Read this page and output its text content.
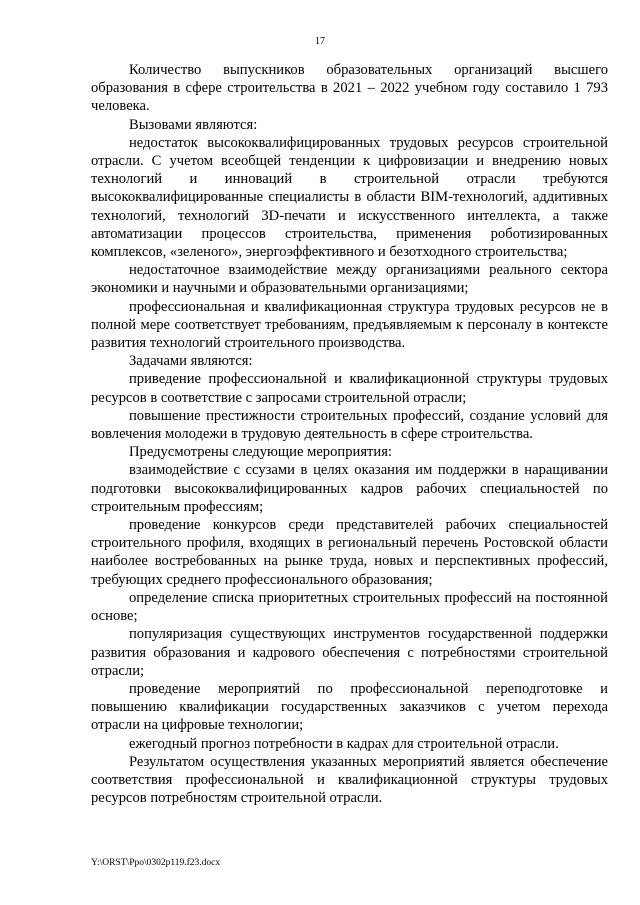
17

Количество выпускников образовательных организаций высшего образования в сфере строительства в 2021 – 2022 учебном году составило 1 793 человека.

Вызовами являются:

недостаток высококвалифицированных трудовых ресурсов строительной отрасли. С учетом всеобщей тенденции к цифровизации и внедрению новых технологий и инноваций в строительной отрасли требуются высококвалифицированные специалисты в области BIM-технологий, аддитивных технологий, технологий 3D-печати и искусственного интеллекта, а также автоматизации процессов строительства, применения роботизированных комплексов, «зеленого», энергоэффективного и безотходного строительства;

недостаточное взаимодействие между организациями реального сектора экономики и научными и образовательными организациями;

профессиональная и квалификационная структура трудовых ресурсов не в полной мере соответствует требованиям, предъявляемым к персоналу в контексте развития технологий строительного производства.

Задачами являются:

приведение профессиональной и квалификационной структуры трудовых ресурсов в соответствие с запросами строительной отрасли;

повышение престижности строительных профессий, создание условий для вовлечения молодежи в трудовую деятельность в сфере строительства.

Предусмотрены следующие мероприятия:

взаимодействие с ссузами в целях оказания им поддержки в наращивании подготовки высококвалифицированных кадров рабочих специальностей по строительным профессиям;

проведение конкурсов среди представителей рабочих специальностей строительного профиля, входящих в региональный перечень Ростовской области наиболее востребованных на рынке труда, новых и перспективных профессий, требующих среднего профессионального образования;

определение списка приоритетных строительных профессий на постоянной основе;

популяризация существующих инструментов государственной поддержки развития образования и кадрового обеспечения с потребностями строительной отрасли;

проведение мероприятий по профессиональной переподготовке и повышению квалификации государственных заказчиков с учетом перехода отрасли на цифровые технологии;

ежегодный прогноз потребности в кадрах для строительной отрасли.

Результатом осуществления указанных мероприятий является обеспечение соответствия профессиональной и квалификационной структуры трудовых ресурсов потребностям строительной отрасли.

Y:\ORST\Ppo\0302p119.f23.docx
